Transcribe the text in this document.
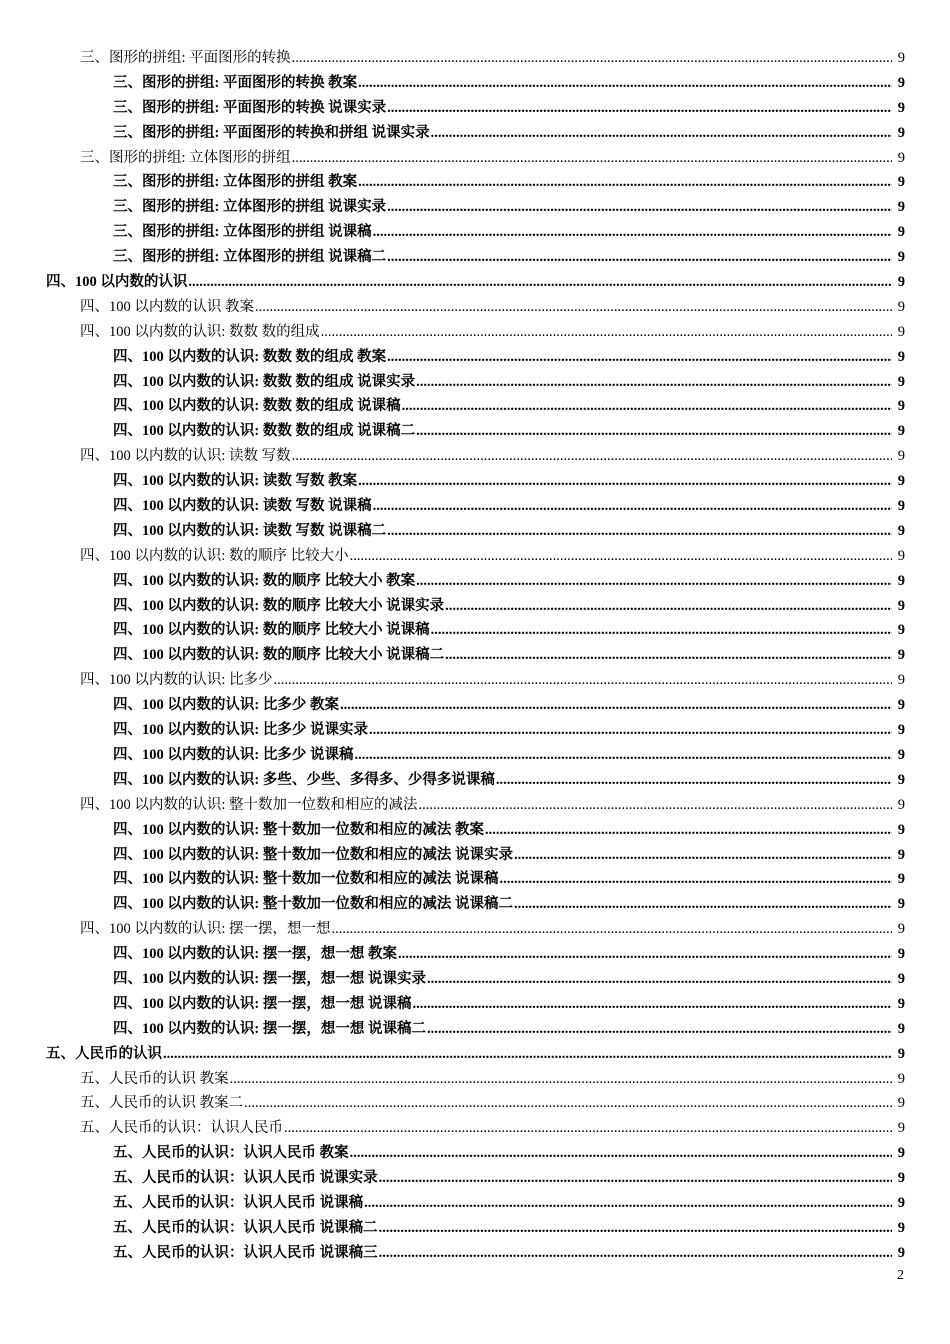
三、图形的拼组: 平面图形的转换 .....	9
三、图形的拼组: 平面图形的转换 教案 .....	9
三、图形的拼组: 平面图形的转换 说课实录 .....	9
三、图形的拼组: 平面图形的转换和拼组 说课实录 .....	9
三、图形的拼组: 立体图形的拼组 .....	9
三、图形的拼组: 立体图形的拼组 教案 .....	9
三、图形的拼组: 立体图形的拼组 说课实录 .....	9
三、图形的拼组: 立体图形的拼组 说课稿 .....	9
三、图形的拼组: 立体图形的拼组 说课稿二 .....	9
四、100 以内数的认识 .....	9
四、100 以内数的认识 教案 .....	9
四、100 以内数的认识: 数数 数的组成 .....	9
四、100 以内数的认识: 数数 数的组成 教案 .....	9
四、100 以内数的认识: 数数 数的组成 说课实录 .....	9
四、100 以内数的认识: 数数 数的组成 说课稿 .....	9
四、100 以内数的认识: 数数 数的组成 说课稿二 .....	9
四、100 以内数的认识: 读数 写数 .....	9
四、100 以内数的认识: 读数 写数 教案 .....	9
四、100 以内数的认识: 读数 写数 说课稿 .....	9
四、100 以内数的认识: 读数 写数 说课稿二 .....	9
四、100 以内数的认识: 数的顺序 比较大小 .....	9
四、100 以内数的认识: 数的顺序 比较大小 教案 .....	9
四、100 以内数的认识: 数的顺序 比较大小 说课实录 .....	9
四、100 以内数的认识: 数的顺序 比较大小 说课稿 .....	9
四、100 以内数的认识: 数的顺序 比较大小 说课稿二 .....	9
四、100 以内数的认识: 比多少 .....	9
四、100 以内数的认识: 比多少 教案 .....	9
四、100 以内数的认识: 比多少 说课实录 .....	9
四、100 以内数的认识: 比多少 说课稿 .....	9
四、100 以内数的认识: 多些、少些、多得多、少得多说课稿 .....	9
四、100 以内数的认识: 整十数加一位数和相应的减法 .....	9
四、100 以内数的认识: 整十数加一位数和相应的减法 教案 .....	9
四、100 以内数的认识: 整十数加一位数和相应的减法 说课实录 .....	9
四、100 以内数的认识: 整十数加一位数和相应的减法 说课稿 .....	9
四、100 以内数的认识: 整十数加一位数和相应的减法 说课稿二 .....	9
四、100 以内数的认识: 摆一摆，想一想 .....	9
四、100 以内数的认识: 摆一摆，想一想 教案 .....	9
四、100 以内数的认识: 摆一摆，想一想 说课实录 .....	9
四、100 以内数的认识: 摆一摆，想一想 说课稿 .....	9
四、100 以内数的认识: 摆一摆，想一想 说课稿二 .....	9
五、人民币的认识 .....	9
五、人民币的认识 教案 .....	9
五、人民币的认识 教案二 .....	9
五、人民币的认识：认识人民币 .....	9
五、人民币的认识：认识人民币 教案 .....	9
五、人民币的认识：认识人民币 说课实录 .....	9
五、人民币的认识：认识人民币 说课稿 .....	9
五、人民币的认识：认识人民币 说课稿二 .....	9
五、人民币的认识：认识人民币 说课稿三 .....	9
2
